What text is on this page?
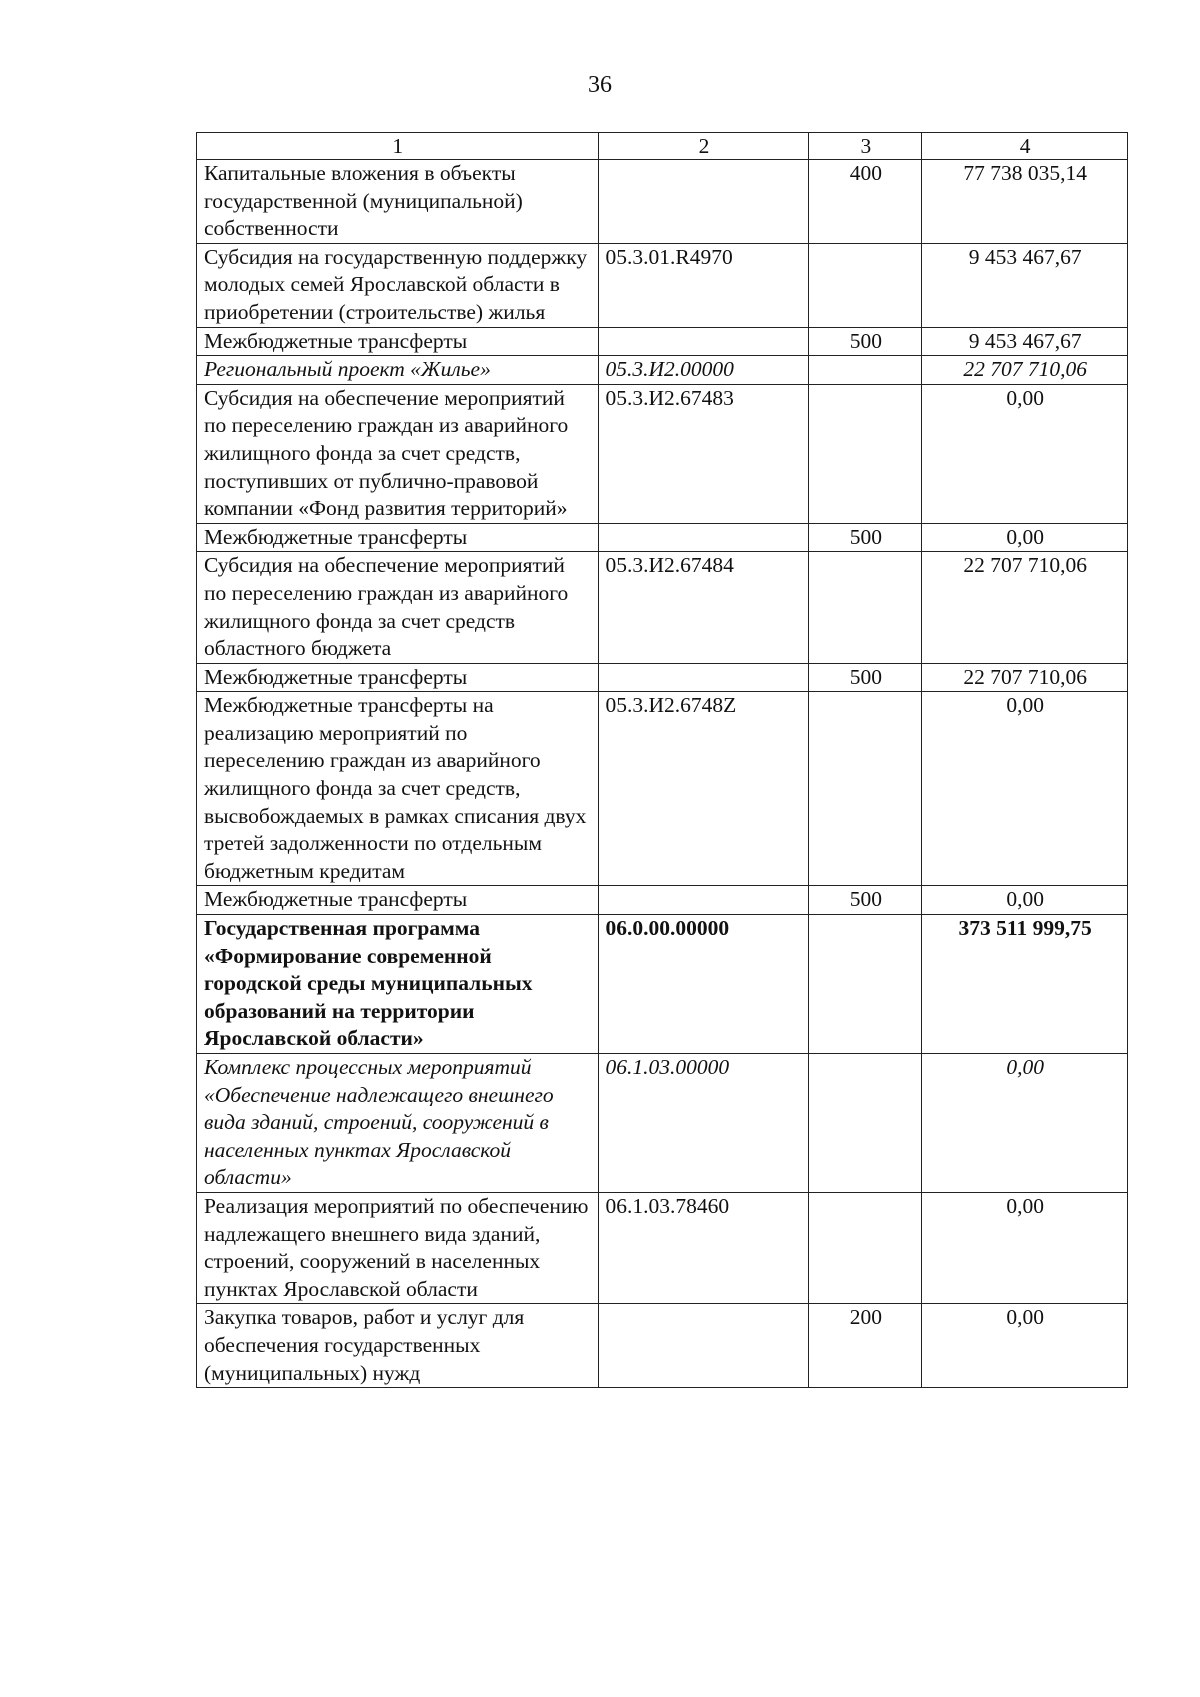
36
1	2	3	4
Капитальные вложения в объекты государственной (муниципальной) собственности		400	77 738 035,14
Субсидия на государственную поддержку молодых семей Ярославской области в приобретении (строительстве) жилья	05.3.01.R4970		9 453 467,67
Межбюджетные трансферты		500	9 453 467,67
Региональный проект «Жилье»	05.3.И2.00000		22 707 710,06
Субсидия на обеспечение мероприятий по переселению граждан из аварийного жилищного фонда за счет средств, поступивших от публично-правовой компании «Фонд развития территорий»	05.3.И2.67483		0,00
Межбюджетные трансферты		500	0,00
Субсидия на обеспечение мероприятий по переселению граждан из аварийного жилищного фонда за счет средств областного бюджета	05.3.И2.67484		22 707 710,06
Межбюджетные трансферты		500	22 707 710,06
Межбюджетные трансферты на реализацию мероприятий по переселению граждан из аварийного жилищного фонда за счет средств, высвобождаемых в рамках списания двух третей задолженности по отдельным бюджетным кредитам	05.3.И2.6748Z		0,00
Межбюджетные трансферты		500	0,00
Государственная программа «Формирование современной городской среды муниципальных образований на территории Ярославской области»	06.0.00.00000		373 511 999,75
Комплекс процессных мероприятий «Обеспечение надлежащего внешнего вида зданий, строений, сооружений в населенных пунктах Ярославской области»	06.1.03.00000		0,00
Реализация мероприятий по обеспечению надлежащего внешнего вида зданий, строений, сооружений в населенных пунктах Ярославской области	06.1.03.78460		0,00
Закупка товаров, работ и услуг для обеспечения государственных (муниципальных) нужд		200	0,00
